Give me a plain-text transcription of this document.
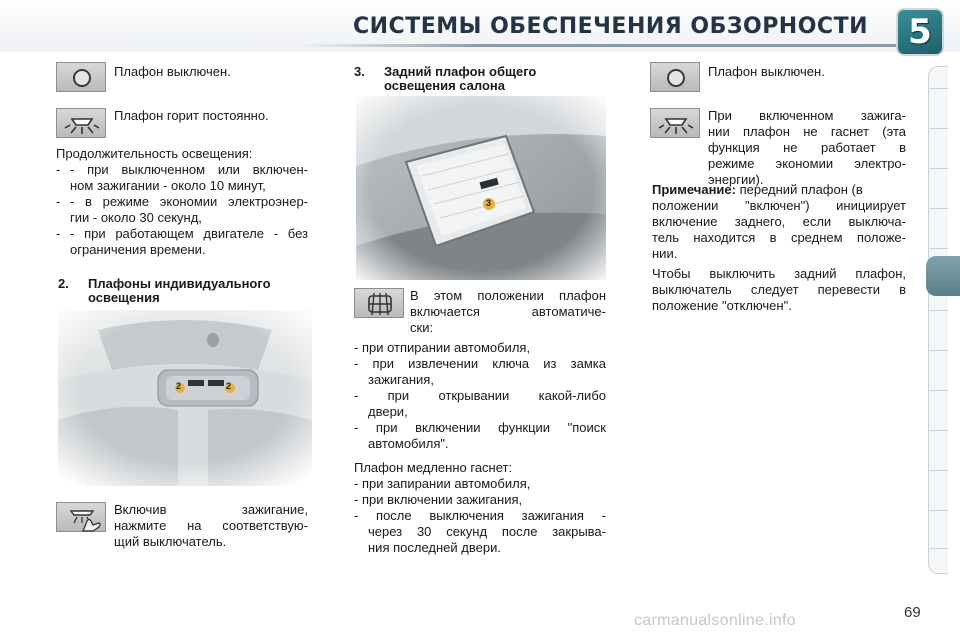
СИСТЕМЫ ОБЕСПЕЧЕНИЯ ОБЗОРНОСТИ	5
Плафон выключен.
Плафон горит постоянно.
Продолжительность освещения:
- - при выключенном или включен-
ном зажигании - около 10 минут,
- - в режиме экономии электроэнер-
гии - около 30 секунд,
- - при работающем двигателе - без
ограничения времени.
2. Плафоны индивидуального
освещения
2	2
Включив зажигание,
нажмите на соответствую-
щий выключатель.
3. Задний плафон общего
освещения салона
3
В этом положении плафон
включается автоматиче-
ски:
- при отпирании автомобиля,
- при извлечении ключа из замка
зажигания,
- при открывании какой-либо
двери,
- при включении функции "поиск
автомобиля".
Плафон медленно гаснет:
- при запирании автомобиля,
- при включении зажигания,
- после выключения зажигания -
через 30 секунд после закрыва-
ния последней двери.
Плафон выключен.
При включенном зажига-
нии плафон не гаснет (эта
функция не работает в
режиме экономии электро-
энергии).
Примечание: передний плафон (в
положении "включен") инициирует
включение заднего, если выключа-
тель находится в среднем положе-
нии.
Чтобы выключить задний плафон,
выключатель следует перевести в
положение "отключен".
69
carmanualsonline.info
